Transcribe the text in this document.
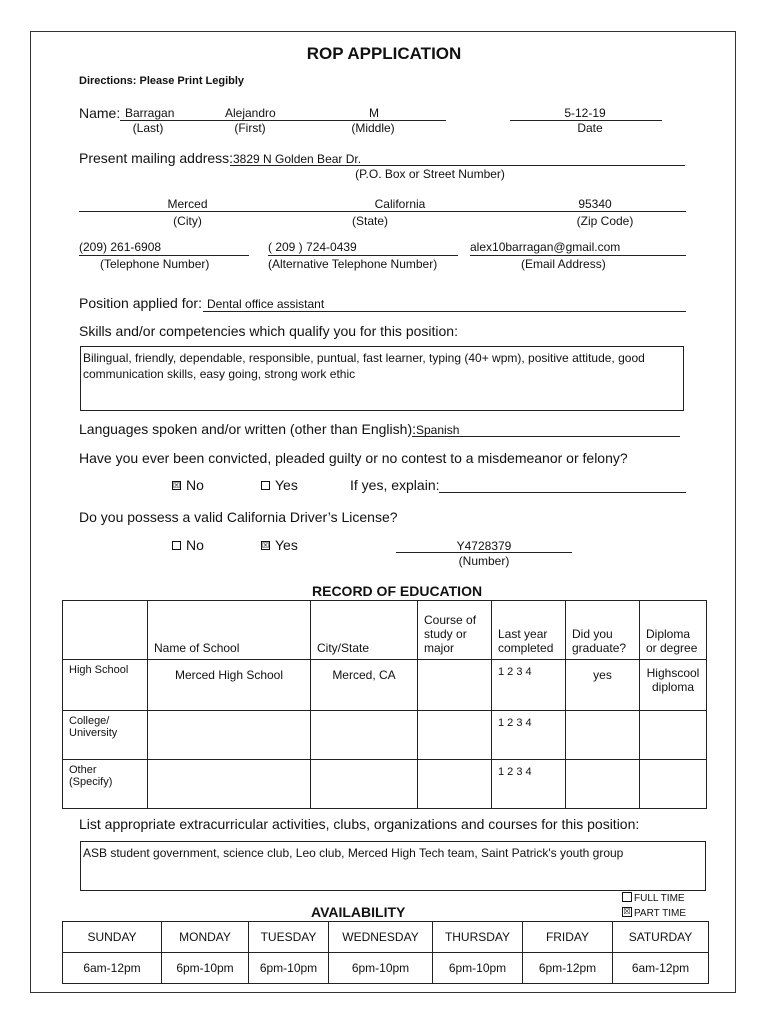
ROP APPLICATION
Directions: Please Print Legibly
Name: Barragan	Alejandro	M
(Last)	(First)	(Middle)
5-12-19
Date
Present mailing address: 3829 N Golden Bear Dr.
(P.O. Box or Street Number)
Merced	California	95340
(City)	(State)	(Zip Code)
(209) 261-6908
(Telephone Number)
( 209 ) 724-0439
(Alternative Telephone Number)
alex10barragan@gmail.com
(Email Address)
Position applied for: Dental office assistant
Skills and/or competencies which qualify you for this position:
Bilingual, friendly, dependable, responsible, puntual, fast learner, typing (40+ wpm), positive attitude, good communication skills, easy going, strong work ethic
Languages spoken and/or written (other than English): Spanish
Have you ever been convicted, pleaded guilty or no contest to a misdemeanor or felony?
☒ No	Yes	If yes, explain:
Do you possess a valid California Driver’s License?
No	☒ Yes	Y4728379
(Number)
RECORD OF EDUCATION
	Name of School	City/State	Course of study or major	Last year completed	Did you graduate?	Diploma or degree
High School	Merced High School	Merced, CA		1 2 3 4	yes	Highscool diploma
College/ University				1 2 3 4		
Other (Specify)				1 2 3 4		
List appropriate extracurricular activities, clubs, organizations and courses for this position:
ASB student government, science club, Leo club, Merced High Tech team, Saint Patrick's youth group
AVAILABILITY
FULL TIME
☒ PART TIME
SUNDAY	MONDAY	TUESDAY	WEDNESDAY	THURSDAY	FRIDAY	SATURDAY
6am-12pm	6pm-10pm	6pm-10pm	6pm-10pm	6pm-10pm	6pm-12pm	6am-12pm
